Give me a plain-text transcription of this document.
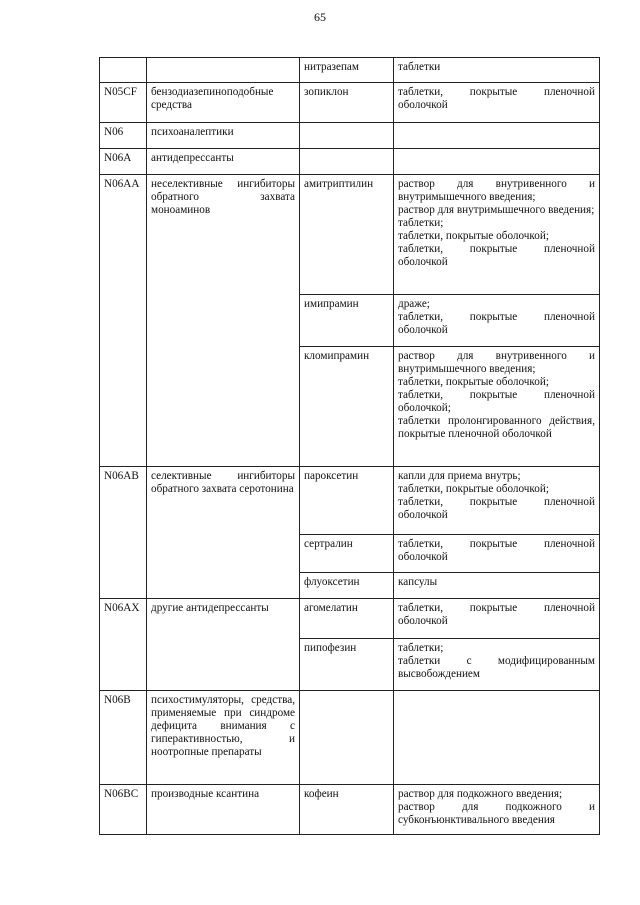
65
		нитразепам	таблетки

N05CF	бензодиазепиноподобные средства	зопиклон	таблетки, покрытые пленочной оболочкой

N06	психоаналептики		
N06A	антидепрессанты		
N06AA	неселективные ингибиторы обратного захвата моноаминов	амитриптилин	раствор для внутривенного и внутримышечного введения;
раствор для внутримышечного введения;
таблетки;
таблетки, покрытые оболочкой;
таблетки, покрытые пленочной оболочкой

		имипрамин	драже;
таблетки, покрытые пленочной оболочкой

		кломипрамин	раствор для внутривенного и внутримышечного введения;
таблетки, покрытые оболочкой;
таблетки, покрытые пленочной оболочкой;
таблетки пролонгированного действия, покрытые пленочной оболочкой

N06AB	селективные ингибиторы обратного захвата серотонина	пароксетин	капли для приема внутрь;
таблетки, покрытые оболочкой;
таблетки, покрытые пленочной оболочкой

		сертралин	таблетки, покрытые пленочной оболочкой

		флуоксетин	капсулы

N06AX	другие антидепрессанты	агомелатин	таблетки, покрытые пленочной оболочкой

		пипофезин	таблетки;
таблетки с модифицированным высвобождением

N06B	психостимуляторы, средства, применяемые при синдроме дефицита внимания с гиперактивностью, и ноотропные препараты		
N06BC	производные ксантина	кофеин	раствор для подкожного введения;
раствор для подкожного и субконъюнктивального введения
